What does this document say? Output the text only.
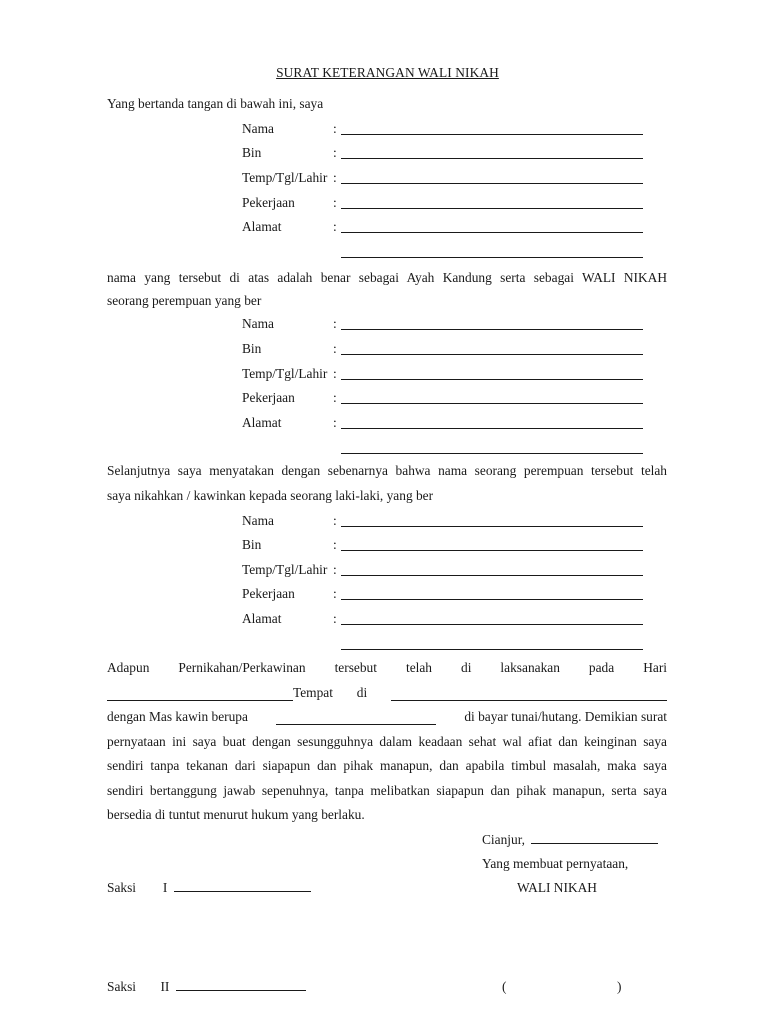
SURAT KETERANGAN WALI NIKAH
Yang bertanda tangan di bawah ini, saya
Nama	:
Bin	:
Temp/Tgl/Lahir :
Pekerjaan	:
Alamat	:
nama yang tersebut di atas adalah benar sebagai Ayah Kandung serta sebagai WALI NIKAH
seorang perempuan yang ber
Nama	:
Bin	:
Temp/Tgl/Lahir :
Pekerjaan	:
Alamat	:
Selanjutnya saya menyatakan dengan sebenarnya bahwa nama seorang perempuan tersebut telah
saya nikahkan / kawinkan kepada seorang laki-laki, yang ber
Nama	:
Bin	:
Temp/Tgl/Lahir :
Pekerjaan	:
Alamat	:
Adapun Pernikahan/Perkawinan tersebut telah di laksanakan pada Hari
Tempat di
dengan Mas kawin berupa	di bayar tunai/hutang. Demikian surat
pernyataan ini saya buat dengan sesungguhnya dalam keadaan sehat wal afiat dan keinginan saya
sendiri tanpa tekanan dari siapapun dan pihak manapun, dan apabila timbul masalah, maka saya
sendiri bertanggung jawab sepenuhnya, tanpa melibatkan siapapun dan pihak manapun, serta saya
bersedia di tuntut menurut hukum yang berlaku.
Cianjur,
Yang membuat pernyataan,
WALI NIKAH
Saksi I
Saksi II	(	)
